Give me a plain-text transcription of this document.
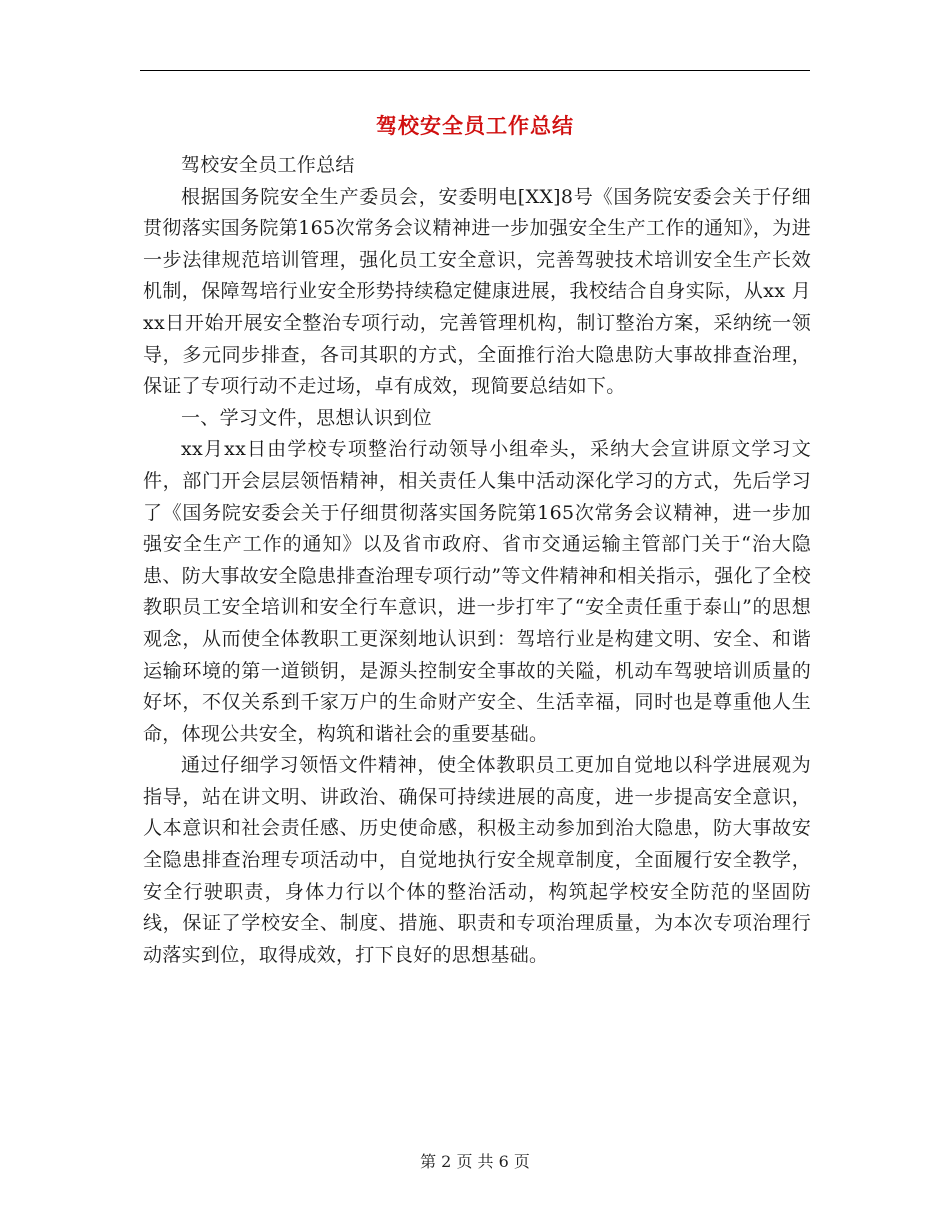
驾校安全员工作总结

驾校安全员工作总结

根据国务院安全生产委员会，安委明电[XX]8号《国务院安委会关于仔细贯彻落实国务院第165次常务会议精神进一步加强安全生产工作的通知》，为进一步法律规范培训管理，强化员工安全意识，完善驾驶技术培训安全生产长效机制，保障驾培行业安全形势持续稳定健康进展，我校结合自身实际，从xx 月xx日开始开展安全整治专项行动，完善管理机构，制订整治方案，采纳统一领导，多元同步排查，各司其职的方式，全面推行治大隐患防大事故排查治理，保证了专项行动不走过场，卓有成效，现简要总结如下。

一、学习文件，思想认识到位

xx月xx日由学校专项整治行动领导小组牵头，采纳大会宣讲原文学习文件，部门开会层层领悟精神，相关责任人集中活动深化学习的方式，先后学习了《国务院安委会关于仔细贯彻落实国务院第165次常务会议精神，进一步加强安全生产工作的通知》以及省市政府、省市交通运输主管部门关于“治大隐患、防大事故安全隐患排查治理专项行动”等文件精神和相关指示，强化了全校教职员工安全培训和安全行车意识，进一步打牢了“安全责任重于泰山”的思想观念，从而使全体教职工更深刻地认识到：驾培行业是构建文明、安全、和谐运输环境的第一道锁钥，是源头控制安全事故的关隘，机动车驾驶培训质量的好坏，不仅关系到千家万户的生命财产安全、生活幸福，同时也是尊重他人生命，体现公共安全，构筑和谐社会的重要基础。

通过仔细学习领悟文件精神，使全体教职员工更加自觉地以科学进展观为指导，站在讲文明、讲政治、确保可持续进展的高度，进一步提高安全意识，人本意识和社会责任感、历史使命感，积极主动参加到治大隐患，防大事故安全隐患排查治理专项活动中，自觉地执行安全规章制度，全面履行安全教学，安全行驶职责，身体力行以个体的整治活动，构筑起学校安全防范的坚固防线，保证了学校安全、制度、措施、职责和专项治理质量，为本次专项治理行动落实到位，取得成效，打下良好的思想基础。

第 2 页 共 6 页
